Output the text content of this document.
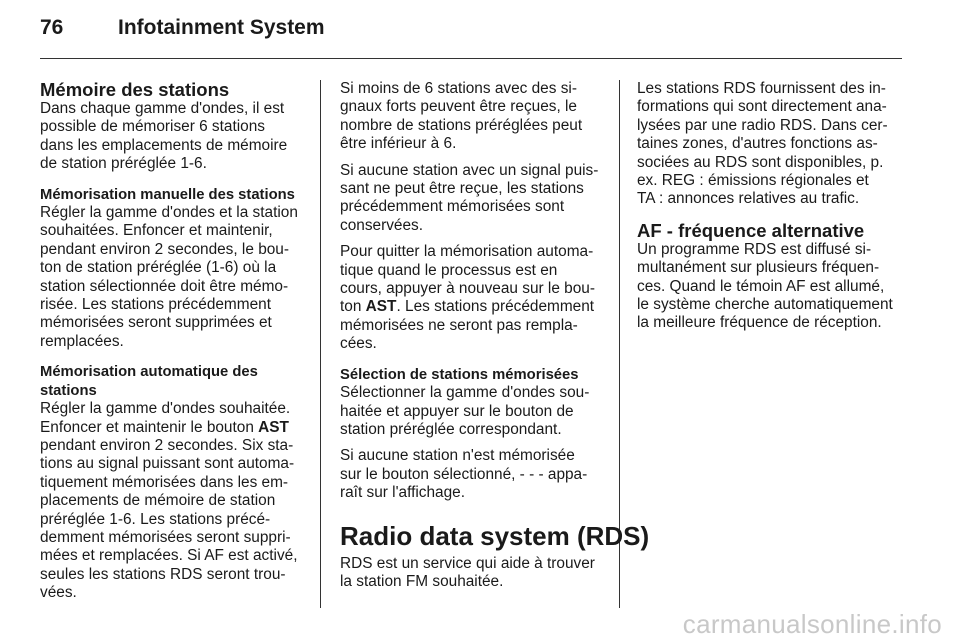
76	Infotainment System
Mémoire des stations
Dans chaque gamme d'ondes, il est
possible de mémoriser 6 stations
dans les emplacements de mémoire
de station préréglée 1-6.
Mémorisation manuelle des stations
Régler la gamme d'ondes et la station
souhaitées. Enfoncer et maintenir,
pendant environ 2 secondes, le bou-
ton de station préréglée (1-6) où la
station sélectionnée doit être mémo-
risée. Les stations précédemment
mémorisées seront supprimées et
remplacées.
Mémorisation automatique des
stations
Régler la gamme d'ondes souhaitée.
Enfoncer et maintenir le bouton AST
pendant environ 2 secondes. Six sta-
tions au signal puissant sont automa-
tiquement mémorisées dans les em-
placements de mémoire de station
préréglée 1-6. Les stations précé-
demment mémorisées seront suppri-
mées et remplacées. Si AF est activé,
seules les stations RDS seront trou-
vées.
Si moins de 6 stations avec des si-
gnaux forts peuvent être reçues, le
nombre de stations préréglées peut
être inférieur à 6.
Si aucune station avec un signal puis-
sant ne peut être reçue, les stations
précédemment mémorisées sont
conservées.
Pour quitter la mémorisation automa-
tique quand le processus est en
cours, appuyer à nouveau sur le bou-
ton AST. Les stations précédemment
mémorisées ne seront pas rempla-
cées.
Sélection de stations mémorisées
Sélectionner la gamme d'ondes sou-
haitée et appuyer sur le bouton de
station préréglée correspondant.
Si aucune station n'est mémorisée
sur le bouton sélectionné, - - - appa-
raît sur l'affichage.
Radio data system (RDS)
RDS est un service qui aide à trouver
la station FM souhaitée.
Les stations RDS fournissent des in-
formations qui sont directement ana-
lysées par une radio RDS. Dans cer-
taines zones, d'autres fonctions as-
sociées au RDS sont disponibles, p.
ex. REG : émissions régionales et
TA : annonces relatives au trafic.
AF - fréquence alternative
Un programme RDS est diffusé si-
multanément sur plusieurs fréquen-
ces. Quand le témoin AF est allumé,
le système cherche automatiquement
la meilleure fréquence de réception.
carmanualsonline.info
